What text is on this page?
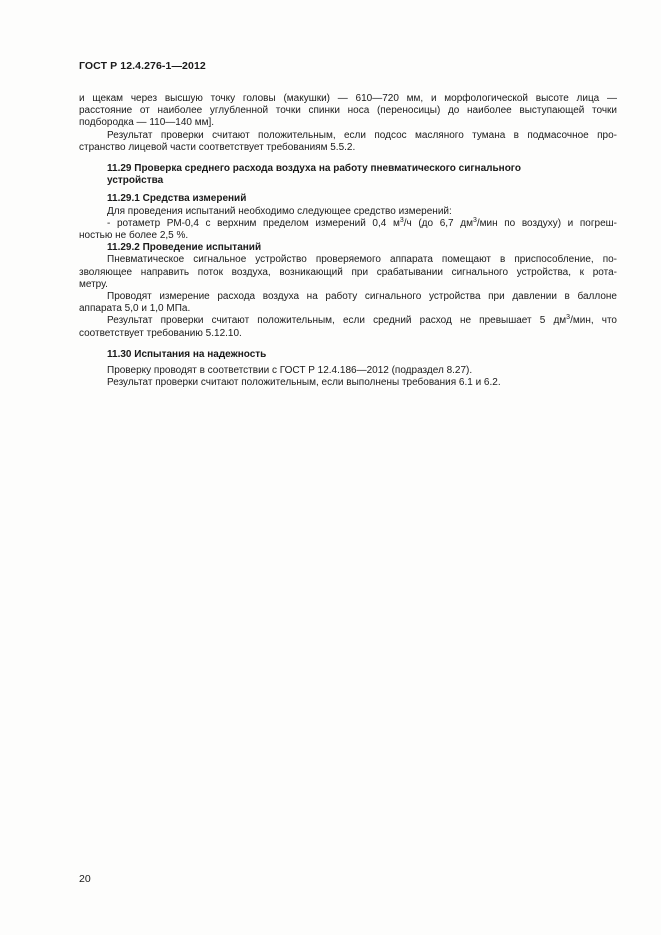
ГОСТ Р 12.4.276-1—2012
и щекам через высшую точку головы (макушки) — 610—720 мм, и морфологической высоте лица —
расстояние от наиболее углубленной точки спинки носа (переносицы) до наиболее выступающей точки
подбородка — 110—140 мм].
Результат проверки считают положительным, если подсос масляного тумана в подмасочное про-
странство лицевой части соответствует требованиям 5.5.2.
11.29 Проверка среднего расхода воздуха на работу пневматического сигнального
устройства
11.29.1 Средства измерений
Для проведения испытаний необходимо следующее средство измерений:
- ротаметр РМ-0,4 с верхним пределом измерений 0,4 $м^3/ч$ (до 6,7 $дм^3$/мин по воздуху) и погреш-
ностью не более 2,5 %.
11.29.2 Проведение испытаний
Пневматическое сигнальное устройство проверяемого аппарата помещают в приспособление, по-
зволяющее направить поток воздуха, возникающий при срабатывании сигнального устройства, к рота-
метру.
Проводят измерение расхода воздуха на работу сигнального устройства при давлении в баллоне
аппарата 5,0 и 1,0 МПа.
Результат проверки считают положительным, если средний расход не превышает 5 $дм^3$/мин, что
соответствует требованию 5.12.10.
11.30 Испытания на надежность
Проверку проводят в соответствии с ГОСТ Р 12.4.186—2012 (подраздел 8.27).
Результат проверки считают положительным, если выполнены требования 6.1 и 6.2.
20
